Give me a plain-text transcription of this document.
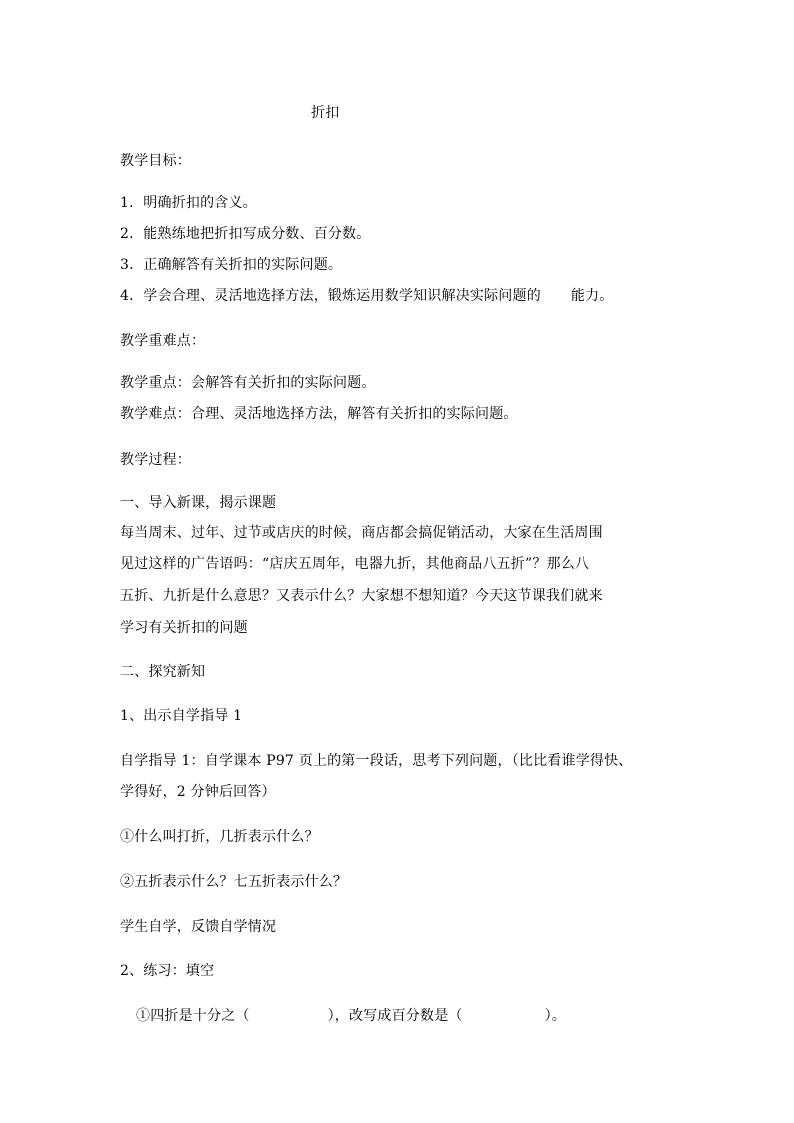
折扣
教学目标：
1．明确折扣的含义。
2．能熟练地把折扣写成分数、百分数。
3．正确解答有关折扣的实际问题。
4．学会合理、灵活地选择方法，锻炼运用数学知识解决实际问题的 能力。
教学重难点：
教学重点：会解答有关折扣的实际问题。
教学难点：合理、灵活地选择方法，解答有关折扣的实际问题。
教学过程：
一、导入新课，揭示课题
每当周末、过年、过节或店庆的时候，商店都会搞促销活动，大家在生活周围
见过这样的广告语吗：“店庆五周年，电器九折，其他商品八五折”？那么八
五折、九折是什么意思？又表示什么？大家想不想知道？今天这节课我们就来
学习有关折扣的问题
二、探究新知
1、出示自学指导 1
自学指导 1：自学课本 P97 页上的第一段话，思考下列问题，（比比看谁学得快、
学得好，2 分钟后回答）
①什么叫打折，几折表示什么？
②五折表示什么？七五折表示什么？
学生自学，反馈自学情况
2、练习：填空
①四折是十分之（	），改写成百分数是（	）。
